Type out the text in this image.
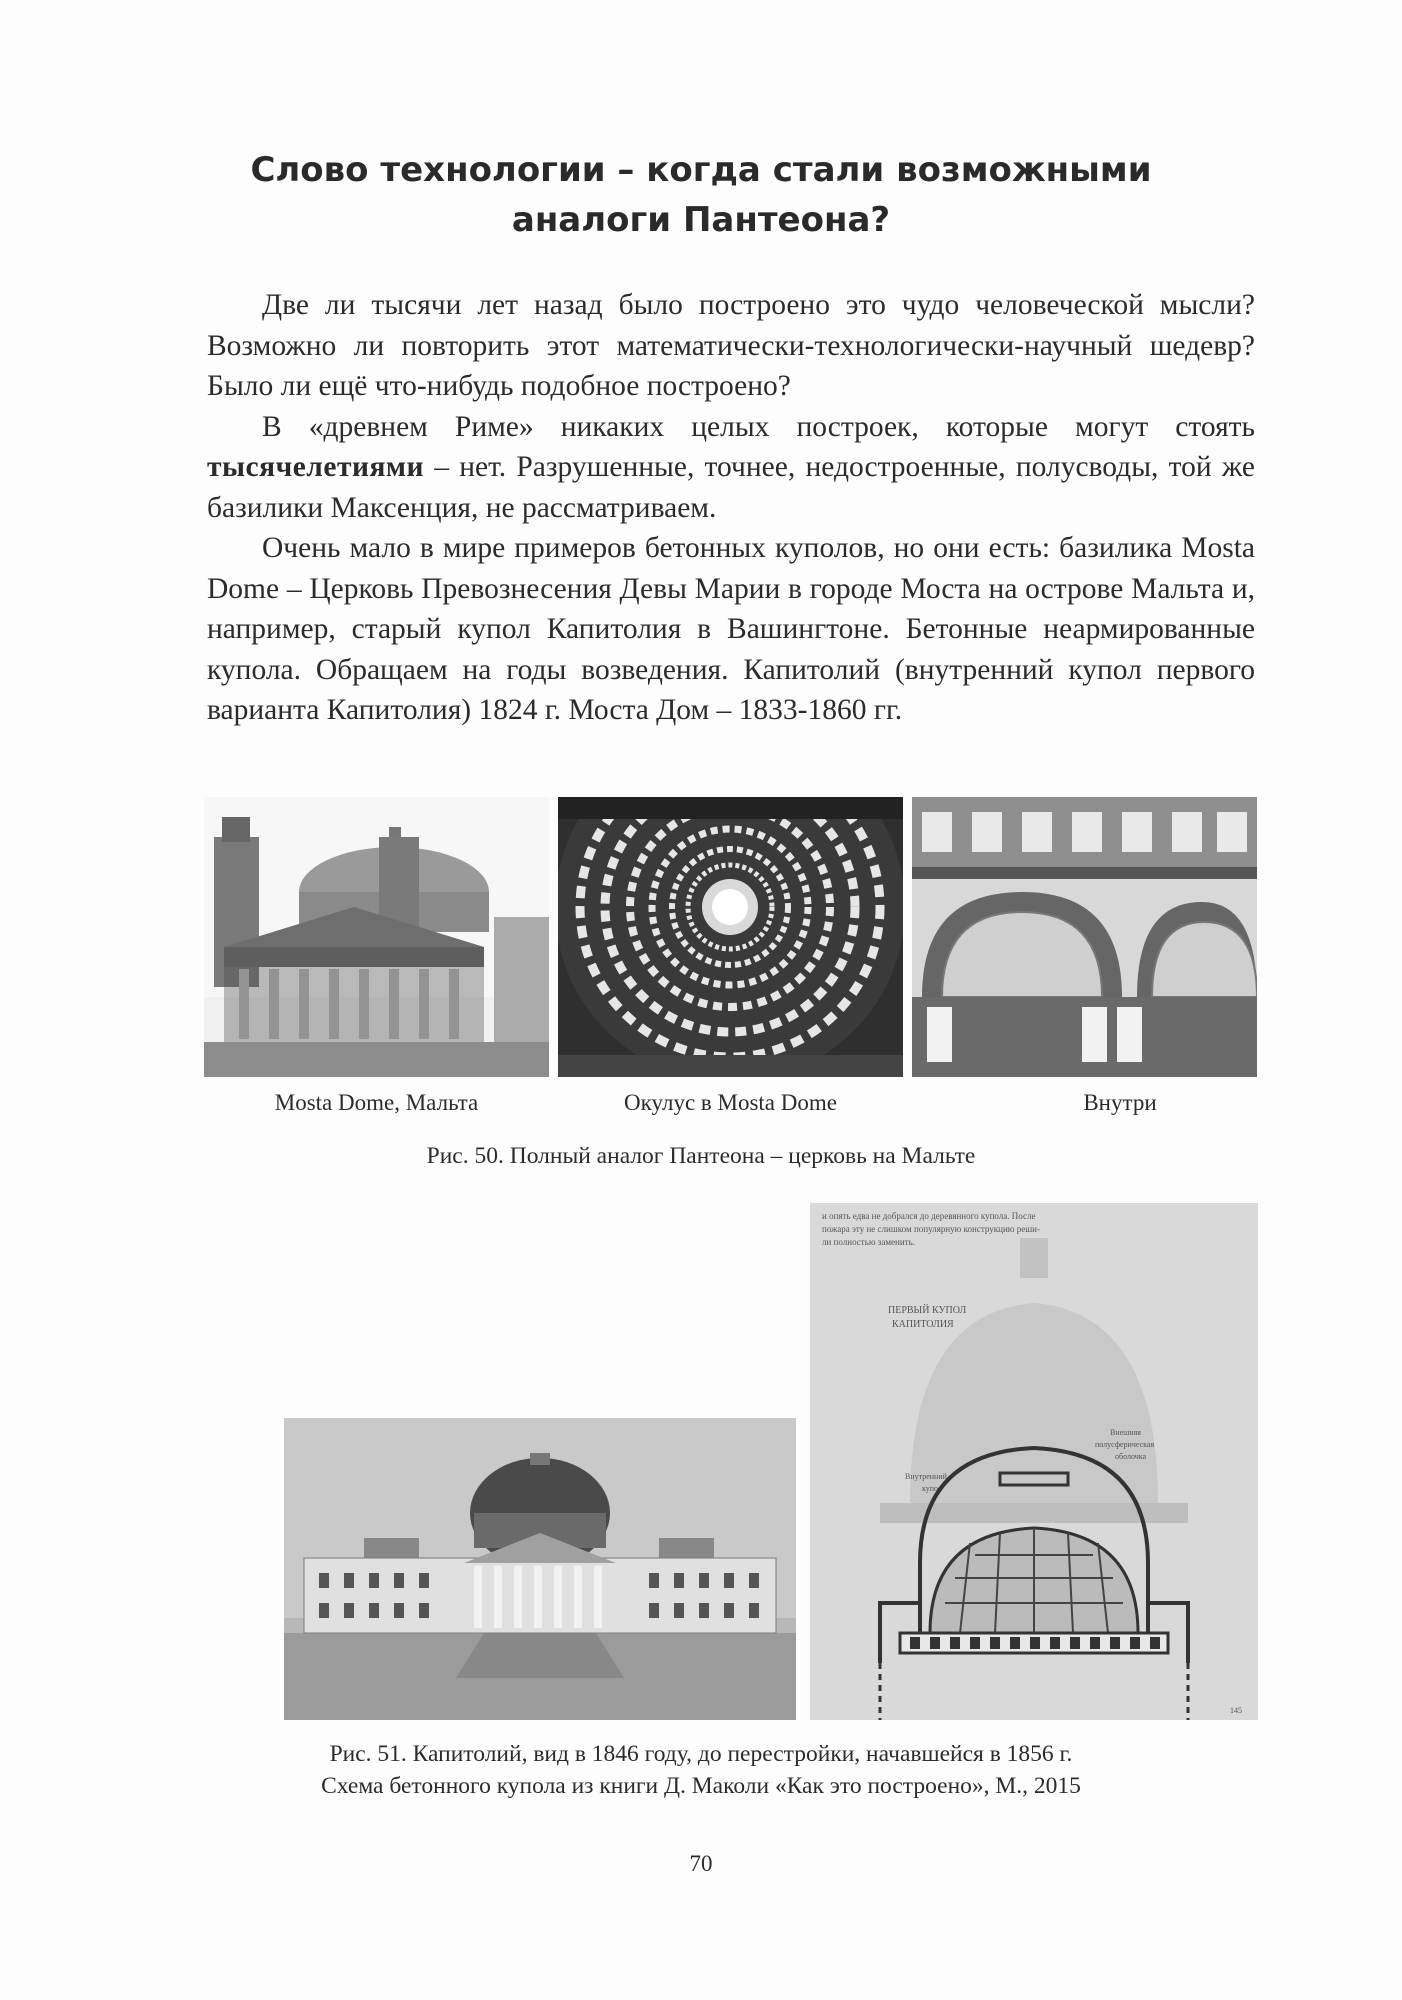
Слово технологии – когда стали возможными
аналоги Пантеона?

Две ли тысячи лет назад было построено это чудо человеческой мысли? Возможно ли повторить этот математически-технологически-научный шедевр? Было ли ещё что-нибудь подобное построено?

В «древнем Риме» никаких целых построек, которые могут стоять тысячелетиями – нет. Разрушенные, точнее, недостроенные, полусводы, той же базилики Максенция, не рассматриваем.

Очень мало в мире примеров бетонных куполов, но они есть: базилика Mosta Dome – Церковь Превознесения Девы Марии в городе Моста на острове Мальта и, например, старый купол Капитолия в Вашингтоне. Бетонные неармированные купола. Обращаем на годы возведения. Капитолий (внутренний купол первого варианта Капитолия) 1824 г. Моста Дом – 1833-1860 гг.

Mosta Dome, Мальта	Окулус в Mosta Dome	Внутри
Рис. 50. Полный аналог Пантеона – церковь на Мальте
и опять едва не добрался до деревянного купола. После
пожара эту не слишком популярную конструкцию реши-
ли полностью заменить.
ПЕРВЫЙ КУПОЛ
КАПИТОЛИЯ
Внешняя
полусферическая
оболочка
Внутренний
купол
145
Рис. 51. Капитолий, вид в 1846 году, до перестройки, начавшейся в 1856 г.
Схема бетонного купола из книги Д. Маколи «Как это построено», М., 2015
70
